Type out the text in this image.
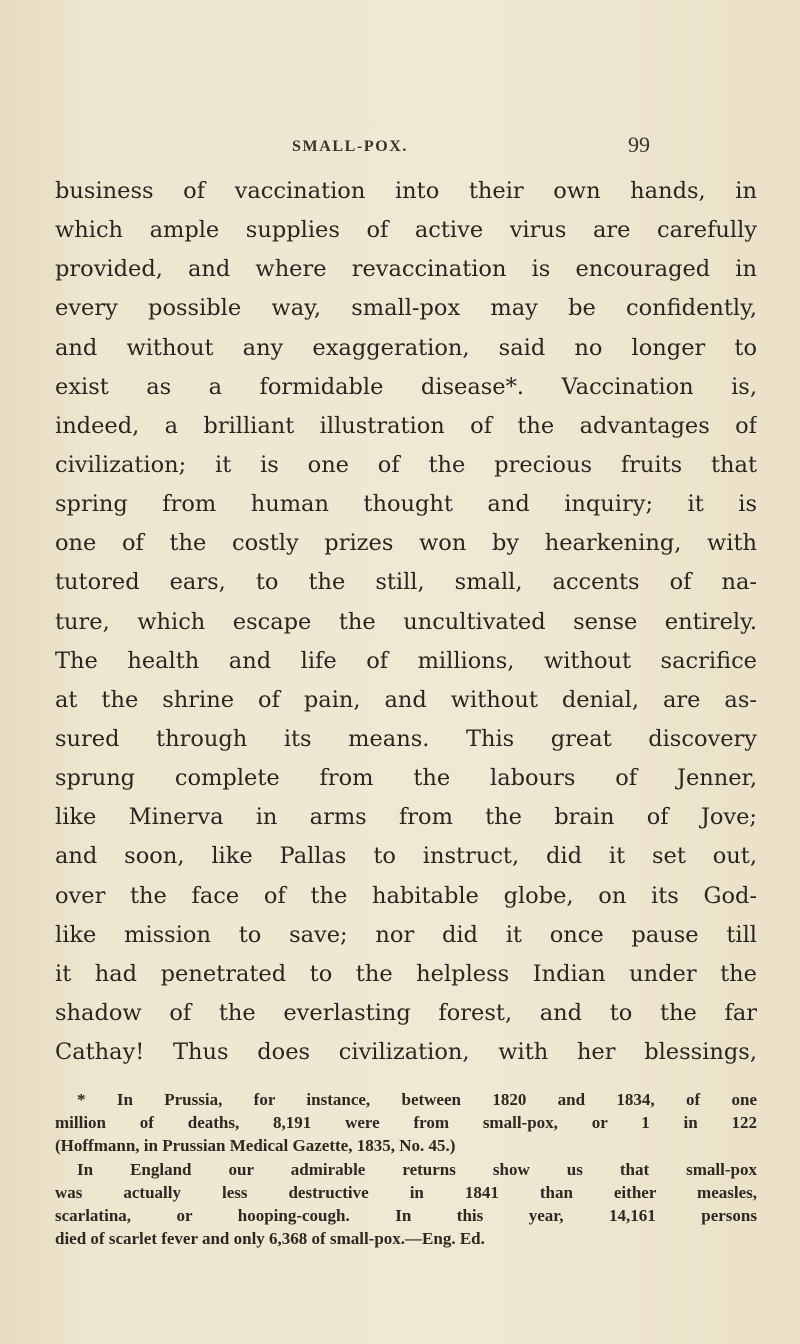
SMALL-POX.	99
business of vaccination into their own hands, in
which ample supplies of active virus are carefully
provided, and where revaccination is encouraged in
every possible way, small-pox may be confidently,
and without any exaggeration, said no longer to
exist as a formidable disease*. Vaccination is,
indeed, a brilliant illustration of the advantages of
civilization; it is one of the precious fruits that
spring from human thought and inquiry; it is
one of the costly prizes won by hearkening, with
tutored ears, to the still, small, accents of na-
ture, which escape the uncultivated sense entirely.
The health and life of millions, without sacrifice
at the shrine of pain, and without denial, are as-
sured through its means. This great discovery
sprung complete from the labours of Jenner,
like Minerva in arms from the brain of Jove;
and soon, like Pallas to instruct, did it set out,
over the face of the habitable globe, on its God-
like mission to save; nor did it once pause till
it had penetrated to the helpless Indian under the
shadow of the everlasting forest, and to the far
Cathay! Thus does civilization, with her blessings,
* In Prussia, for instance, between 1820 and 1834, of one
million of deaths, 8,191 were from small-pox, or 1 in 122
(Hoffmann, in Prussian Medical Gazette, 1835, No. 45.)
In England our admirable returns show us that small-pox
was actually less destructive in 1841 than either measles,
scarlatina, or hooping-cough. In this year, 14,161 persons
died of scarlet fever and only 6,368 of small-pox.—Eng. Ed.
